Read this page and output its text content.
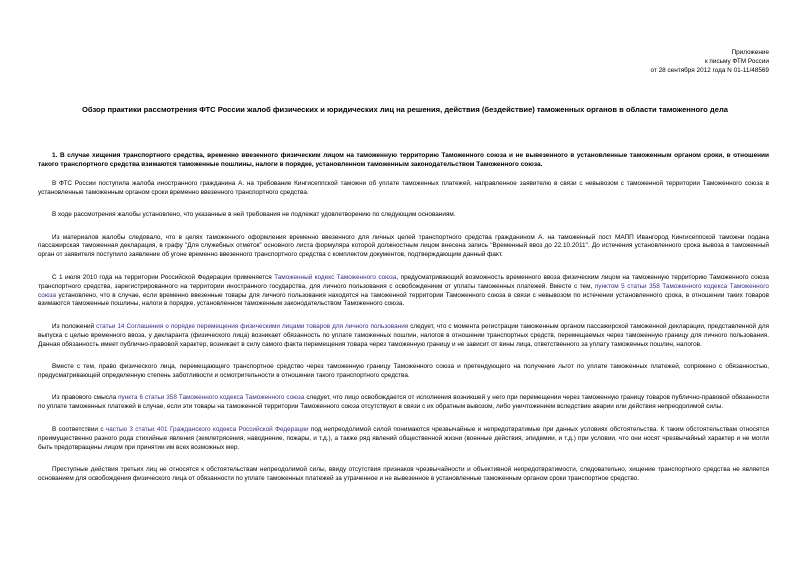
Приложение
к письму ФТМ России
от 28 сентября 2012 года N 01-11/48569
Обзор практики рассмотрения ФТС России жалоб физических и юридических лиц на решения, действия (бездействие) таможенных органов в области таможенного дела

1. В случае хищения транспортного средства, временно ввезенного физическим лицом на таможенную территорию Таможенного союза и не вывезенного в установленные таможенным органом сроки, в отношении такого транспортного средства взимаются таможенные пошлины, налоги в порядке, установленном таможенным законодательством Таможенного союза.

В ФТС России поступила жалоба иностранного гражданина А. на требование Кингисеппской таможни об уплате таможенных платежей, направленное заявителю в связи с невывозом с таможенной территории Таможенного союза в установленные таможенным органом сроки временно ввезенного транспортного средства.

В ходе рассмотрения жалобы установлено, что указанные в ней требования не подлежат удовлетворению по следующим основаниям.

Из материалов жалобы следовало, что в целях таможенного оформления временно ввезенного для личных целей транспортного средства гражданином А. на таможенный пост МАПП Ивангород Кингисеппской таможни подана пассажирская таможенная декларация, в графу "Для служебных отметок" основного листа формуляра которой должностным лицом внесена запись "Временный ввоз до 22.10.2011". До истечения установленного срока вывоза в таможенный орган от заявителя поступило заявление об угоне временно ввезенного транспортного средства с комплектом документов, подтверждающим данный факт.

С 1 июля 2010 года на территории Российской Федерации применяется Таможенный кодекс Таможенного союза, предусматривающий возможность временного ввоза физическим лицом на таможенную территорию Таможенного союза транспортного средства, зарегистрированного на территории иностранного государства, для личного пользования с освобождением от уплаты таможенных платежей. Вместе с тем, пунктом 5 статьи 358 Таможенного кодекса Таможенного союза установлено, что в случае, если временно ввезенные товары для личного пользования находятся на таможенной территории Таможенного союза в связи с невывозом по истечении установленного срока, в отношении таких товаров взимаются таможенные пошлины, налоги в порядке, установленном таможенным законодательством Таможенного союза.

Из положений статьи 14 Соглашения о порядке перемещения физическими лицами товаров для личного пользования следует, что с момента регистрации таможенным органом пассажирской таможенной декларации, представленной для выпуска с целью временного ввоза, у декларанта (физического лица) возникает обязанность по уплате таможенных пошлин, налогов в отношении транспортных средств, перемещаемых через таможенную границу для личного пользования. Данная обязанность имеет публично-правовой характер, возникает в силу самого факта перемещения товара через таможенную границу и не зависит от вины лица, ответственного за уплату таможенных пошлин, налогов.

Вместе с тем, право физического лица, перемещающего транспортное средство через таможенную границу Таможенного союза и претендующего на получение льгот по уплате таможенных платежей, сопряжено с обязанностью, предусматривающей определенную степень заботливости и осмотрительности в отношении такого транспортного средства.

Из правового смысла пункта 6 статьи 358 Таможенного кодекса Таможенного союза следует, что лицо освобождается от исполнения возникшей у него при перемещении через таможенную границу товаров публично-правовой обязанности по уплате таможенных платежей в случае, если эти товары на таможенной территории Таможенного союза отсутствуют в связи с их обратным вывозом, либо уничтожением вследствие аварии или действия непреодолимой силы.

В соответствии с частью 3 статьи 401 Гражданского кодекса Российской Федерации под непреодолимой силой понимаются чрезвычайные и непредотвратимые при данных условиях обстоятельства. К таким обстоятельствам относятся преимущественно разного рода стихийные явления (землетрясения, наводнение, пожары, и т.д.), а также ряд явлений общественной жизни (военные действия, эпидемии, и т.д.) при условии, что они носят чрезвычайный характер и не могли быть предотвращены лицом при принятии им всех возможных мер.

Преступные действия третьих лиц не относятся к обстоятельствам непреодолимой силы, ввиду отсутствия признаков чрезвычайности и объективной непредотвратимости, следовательно, хищение транспортного средства не является основанием для освобождения физического лица от обязанности по уплате таможенных платежей за утраченное и не вывезенное в установленные таможенным органом сроки транспортное средство.
